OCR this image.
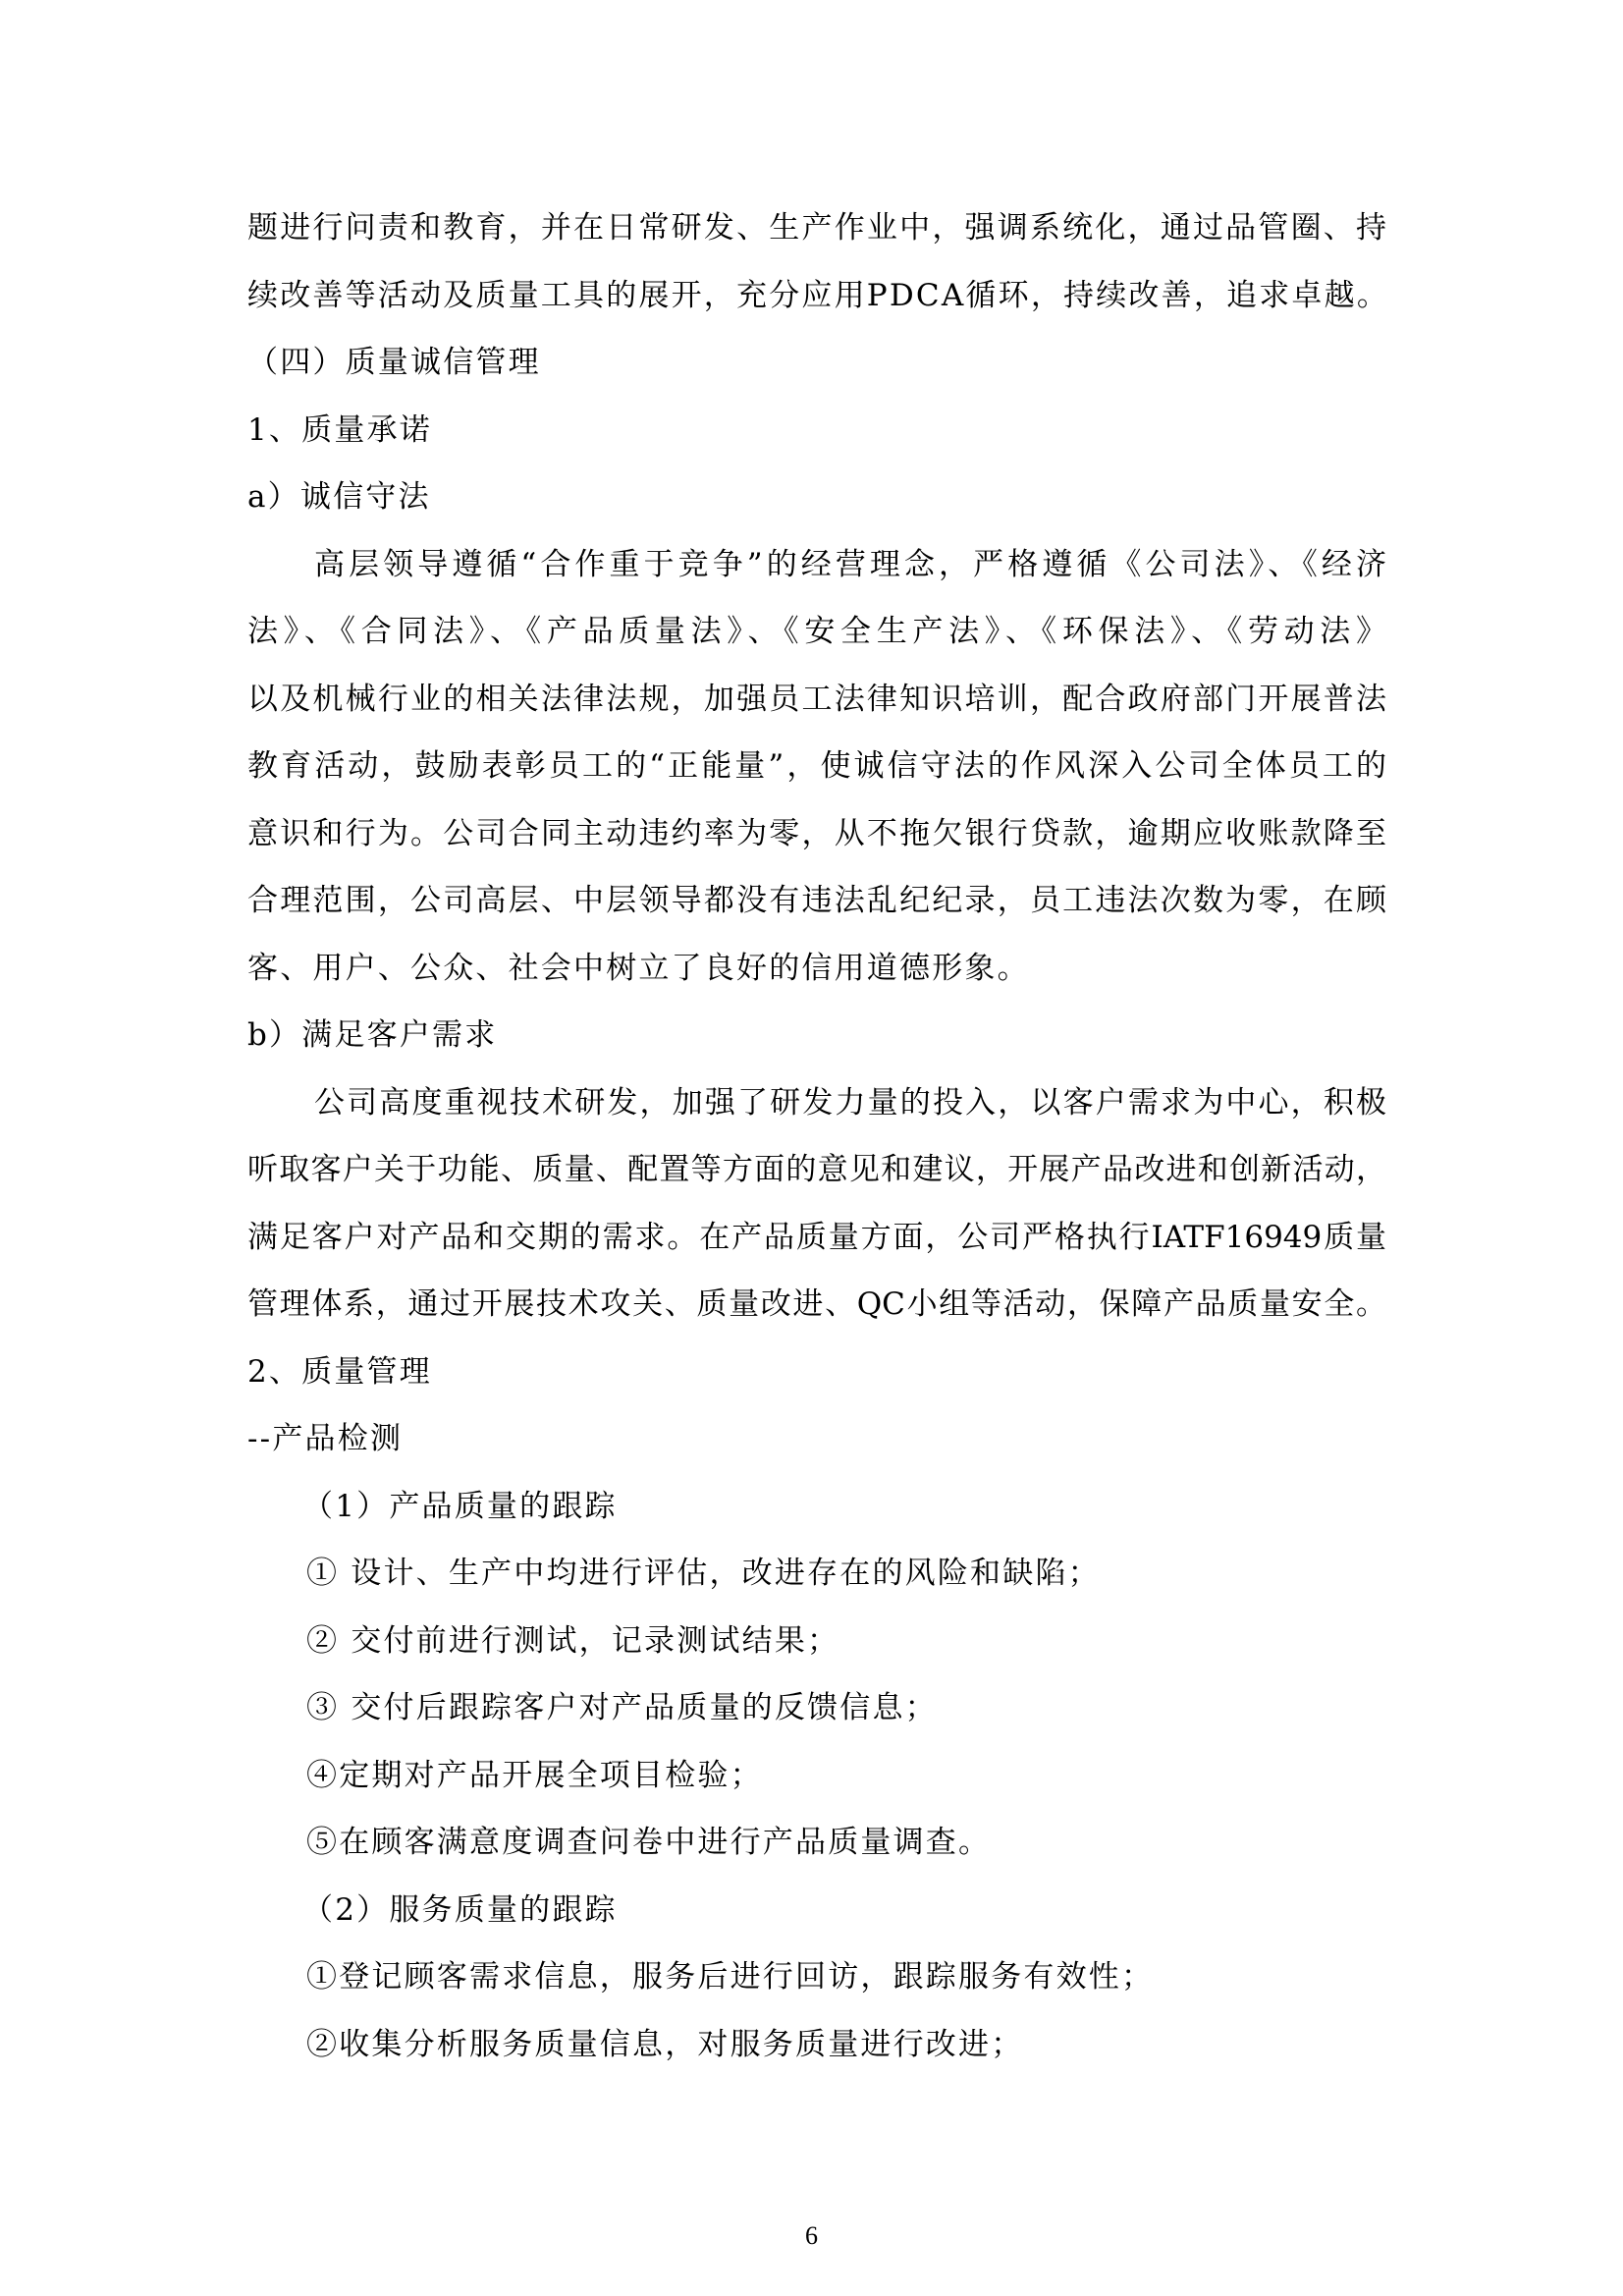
题进行问责和教育，并在日常研发、生产作业中，强调系统化，通过品管圈、持
续改善等活动及质量工具的展开，充分应用PDCA循环，持续改善，追求卓越。
（四）质量诚信管理
1、质量承诺
a）诚信守法
高层领导遵循“合作重于竞争”的经营理念，严格遵循《公司法》、《经济
法》、《合同法》、《产品质量法》、《安全生产法》、《环保法》、《劳动法》
以及机械行业的相关法律法规，加强员工法律知识培训，配合政府部门开展普法
教育活动，鼓励表彰员工的“正能量”，使诚信守法的作风深入公司全体员工的
意识和行为。公司合同主动违约率为零，从不拖欠银行贷款，逾期应收账款降至
合理范围，公司高层、中层领导都没有违法乱纪纪录，员工违法次数为零，在顾
客、用户、公众、社会中树立了良好的信用道德形象。
b）满足客户需求
公司高度重视技术研发，加强了研发力量的投入，以客户需求为中心，积极
听取客户关于功能、质量、配置等方面的意见和建议，开展产品改进和创新活动，
满足客户对产品和交期的需求。在产品质量方面，公司严格执行IATF16949质量
管理体系，通过开展技术攻关、质量改进、QC小组等活动，保障产品质量安全。
2、质量管理
--产品检测
（1）产品质量的跟踪
① 设计、生产中均进行评估，改进存在的风险和缺陷；
② 交付前进行测试，记录测试结果；
③ 交付后跟踪客户对产品质量的反馈信息；
④定期对产品开展全项目检验；
⑤在顾客满意度调查问卷中进行产品质量调查。
（2）服务质量的跟踪
①登记顾客需求信息，服务后进行回访，跟踪服务有效性；
②收集分析服务质量信息，对服务质量进行改进；
6
